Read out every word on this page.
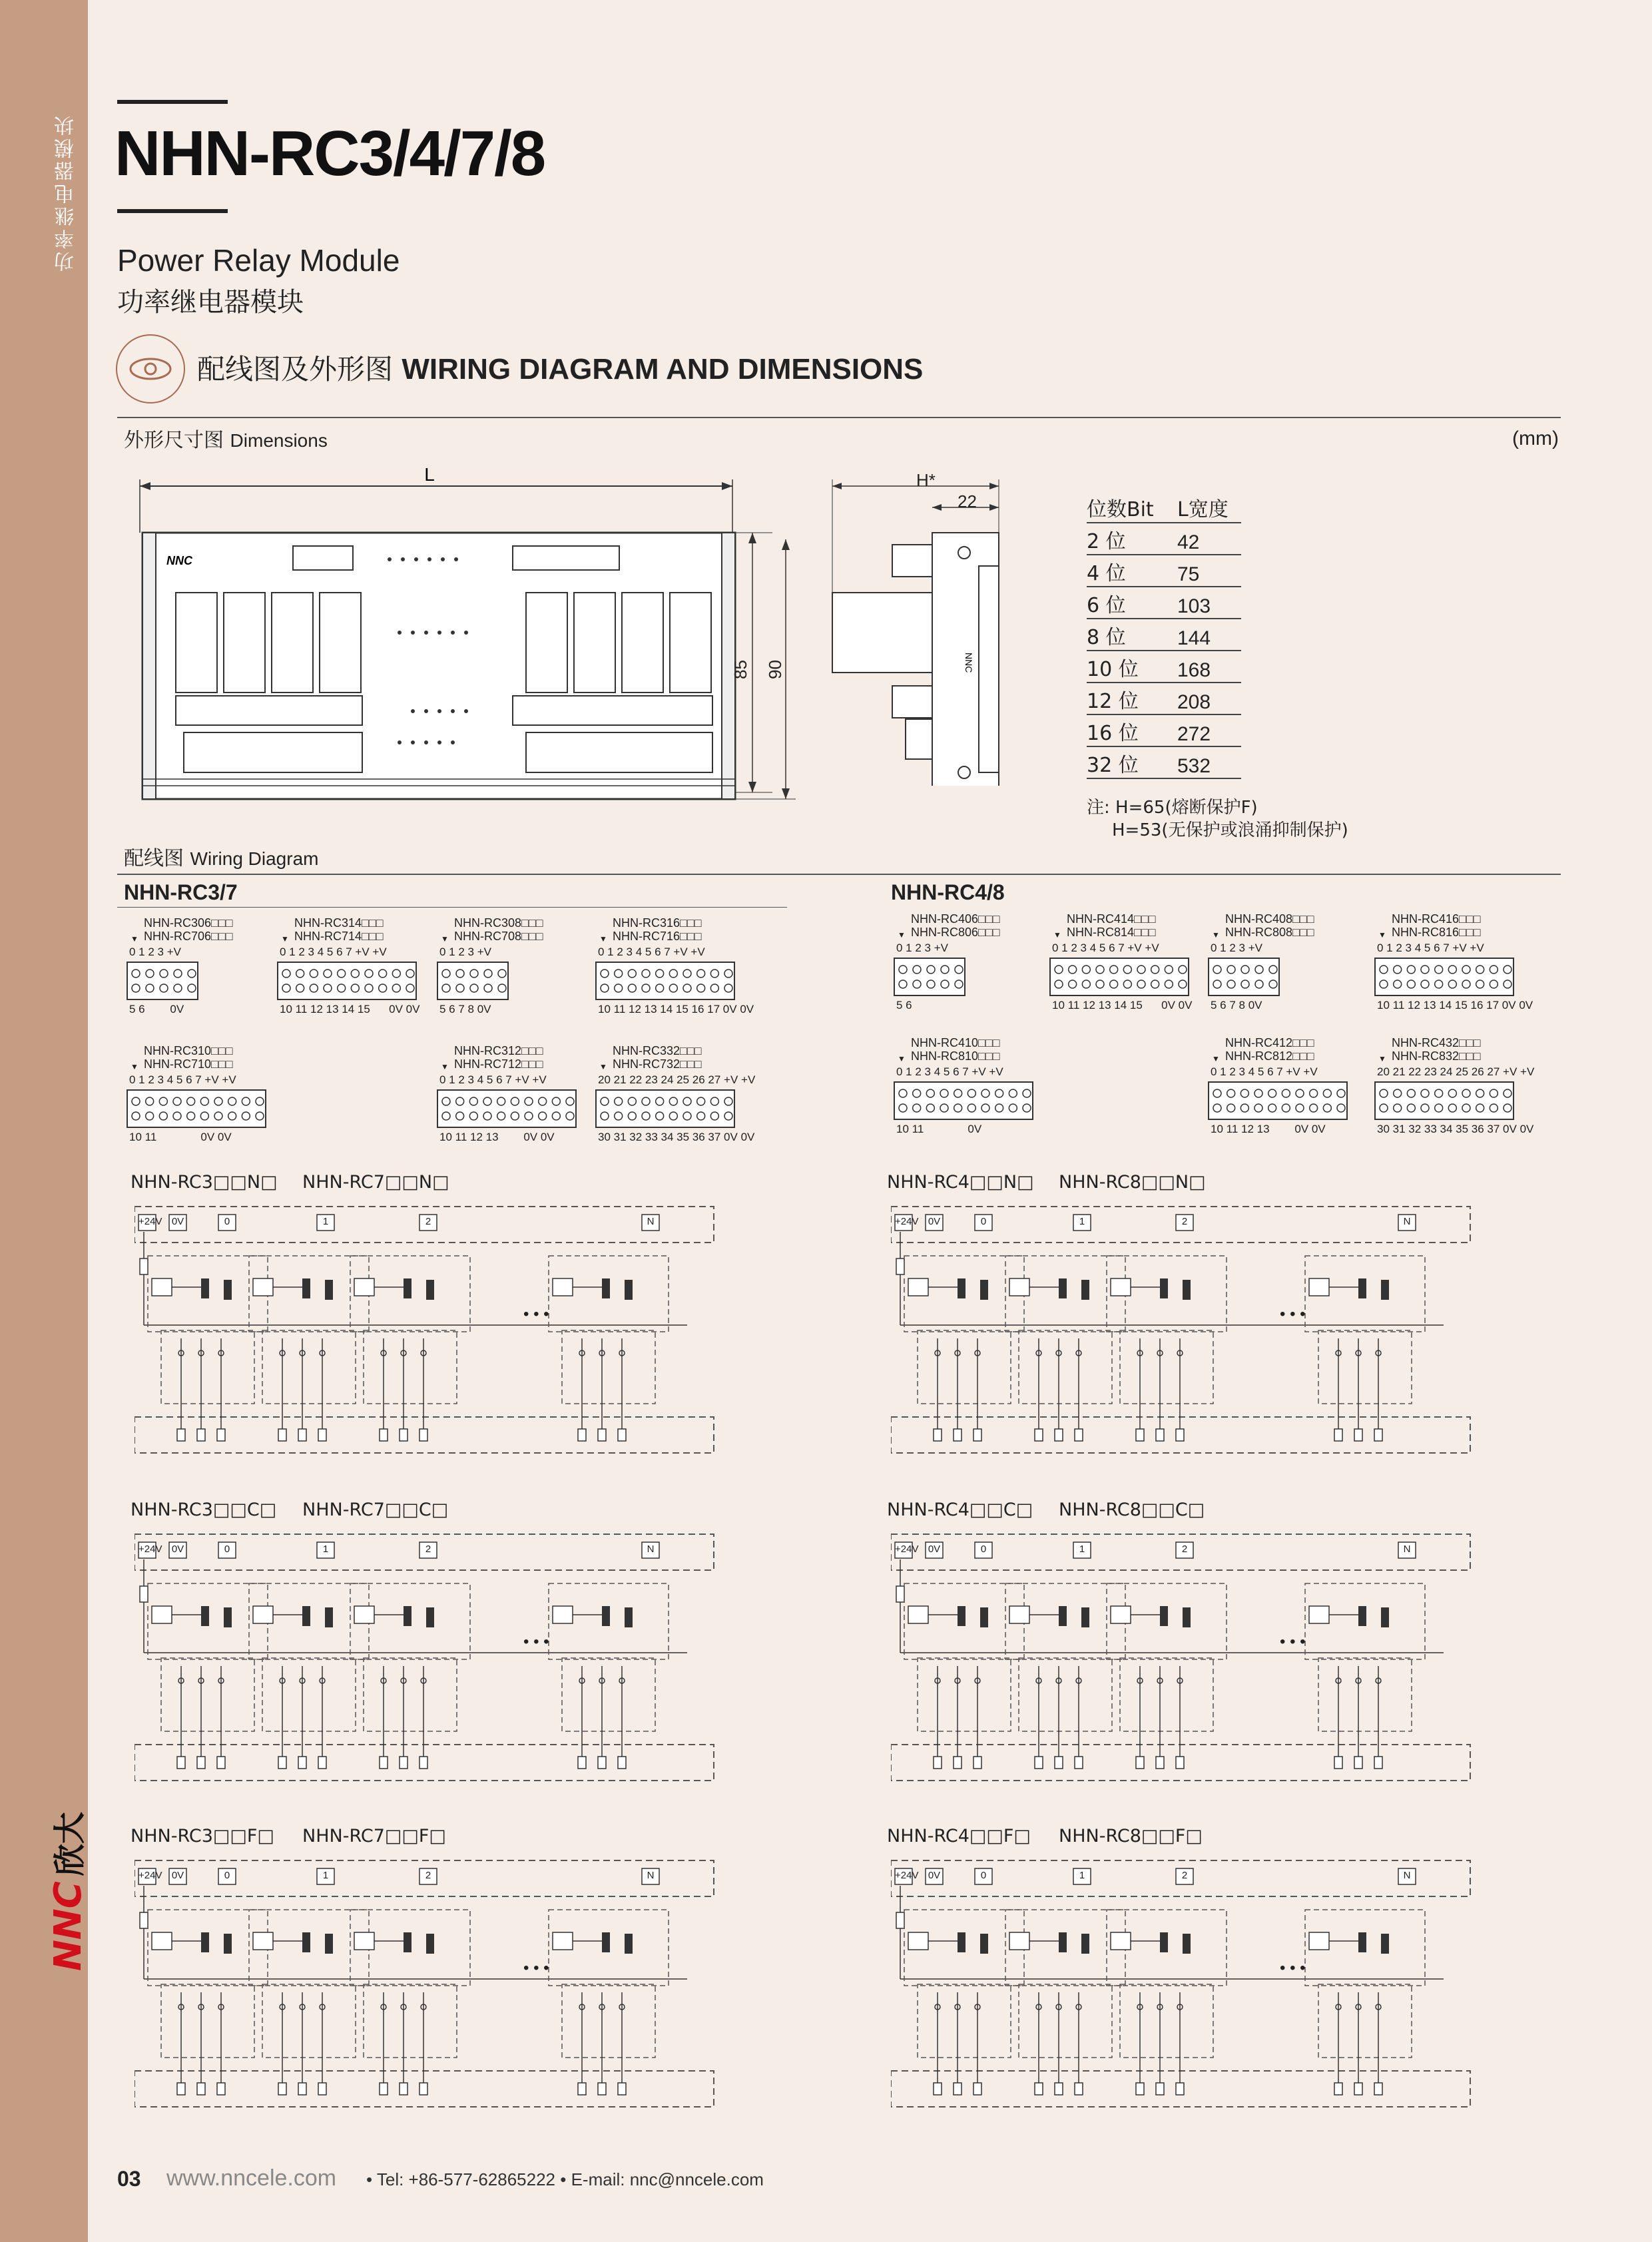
功率继电器模块
NNC欣大
NHN-RC3/4/7/8
Power Relay Module
功率继电器模块
配线图及外形图 WIRING DIAGRAM AND DIMENSIONS
外形尺寸图 Dimensions	(mm)
L
NNC
85 90	NNC
H*
22	位数Bit	L宽度
2 位	42
4 位	75
6 位	103
8 位	144
10 位	168
12 位	208
16 位	272
32 位	532
注: H=65(熔断保护F)
H=53(无保护或浪涌抑制保护)
配线图 Wiring Diagram
NHN-RC3/7	NHN-RC4/8
NHN-RC306□□□
NHN-RC706□□□
▼
0 1 2 3 +V
5 6        0V
NHN-RC314□□□
NHN-RC714□□□
▼
0 1 2 3 4 5 6 7 +V +V
10 11 12 13 14 15      0V 0V
NHN-RC308□□□
NHN-RC708□□□
▼
0 1 2 3 +V
5 6 7 8 0V
NHN-RC316□□□
NHN-RC716□□□
▼
0 1 2 3 4 5 6 7 +V +V
10 11 12 13 14 15 16 17 0V 0V
NHN-RC310□□□
NHN-RC710□□□
▼
0 1 2 3 4 5 6 7 +V +V
10 11              0V 0V
NHN-RC312□□□
NHN-RC712□□□
▼
0 1 2 3 4 5 6 7 +V +V
10 11 12 13        0V 0V
NHN-RC332□□□
NHN-RC732□□□
▼
20 21 22 23 24 25 26 27 +V +V
30 31 32 33 34 35 36 37 0V 0V
NHN-RC406□□□
NHN-RC806□□□
▼
0 1 2 3 +V
5 6
NHN-RC414□□□
NHN-RC814□□□
▼
0 1 2 3 4 5 6 7 +V +V
10 11 12 13 14 15      0V 0V
NHN-RC408□□□
NHN-RC808□□□
▼
0 1 2 3 +V
5 6 7 8 0V
NHN-RC416□□□
NHN-RC816□□□
▼
0 1 2 3 4 5 6 7 +V +V
10 11 12 13 14 15 16 17 0V 0V
NHN-RC410□□□
NHN-RC810□□□
▼
0 1 2 3 4 5 6 7 +V +V
10 11              0V
NHN-RC412□□□
NHN-RC812□□□
▼
0 1 2 3 4 5 6 7 +V +V
10 11 12 13        0V 0V
NHN-RC432□□□
NHN-RC832□□□
▼
20 21 22 23 24 25 26 27 +V +V
30 31 32 33 34 35 36 37 0V 0V
NHN-RC3□□N□ NHN-RC7□□N□
+24V 0V	0	1	2	N
• • •
NHN-RC4□□N□ NHN-RC8□□N□
+24V 0V	0	1	2	N
• • •
NHN-RC3□□C□ NHN-RC7□□C□
+24V 0V	0	1	2	N
• • •
NHN-RC4□□C□ NHN-RC8□□C□
+24V 0V	0	1	2	N
• • •
NHN-RC3□□F□ NHN-RC7□□F□
+24V 0V	0	1	2	N
• • •
NHN-RC4□□F□ NHN-RC8□□F□
+24V 0V	0	1	2	N
• • •
03 www.nncele.com • Tel: +86-577-62865222 • E-mail: nnc@nncele.com
